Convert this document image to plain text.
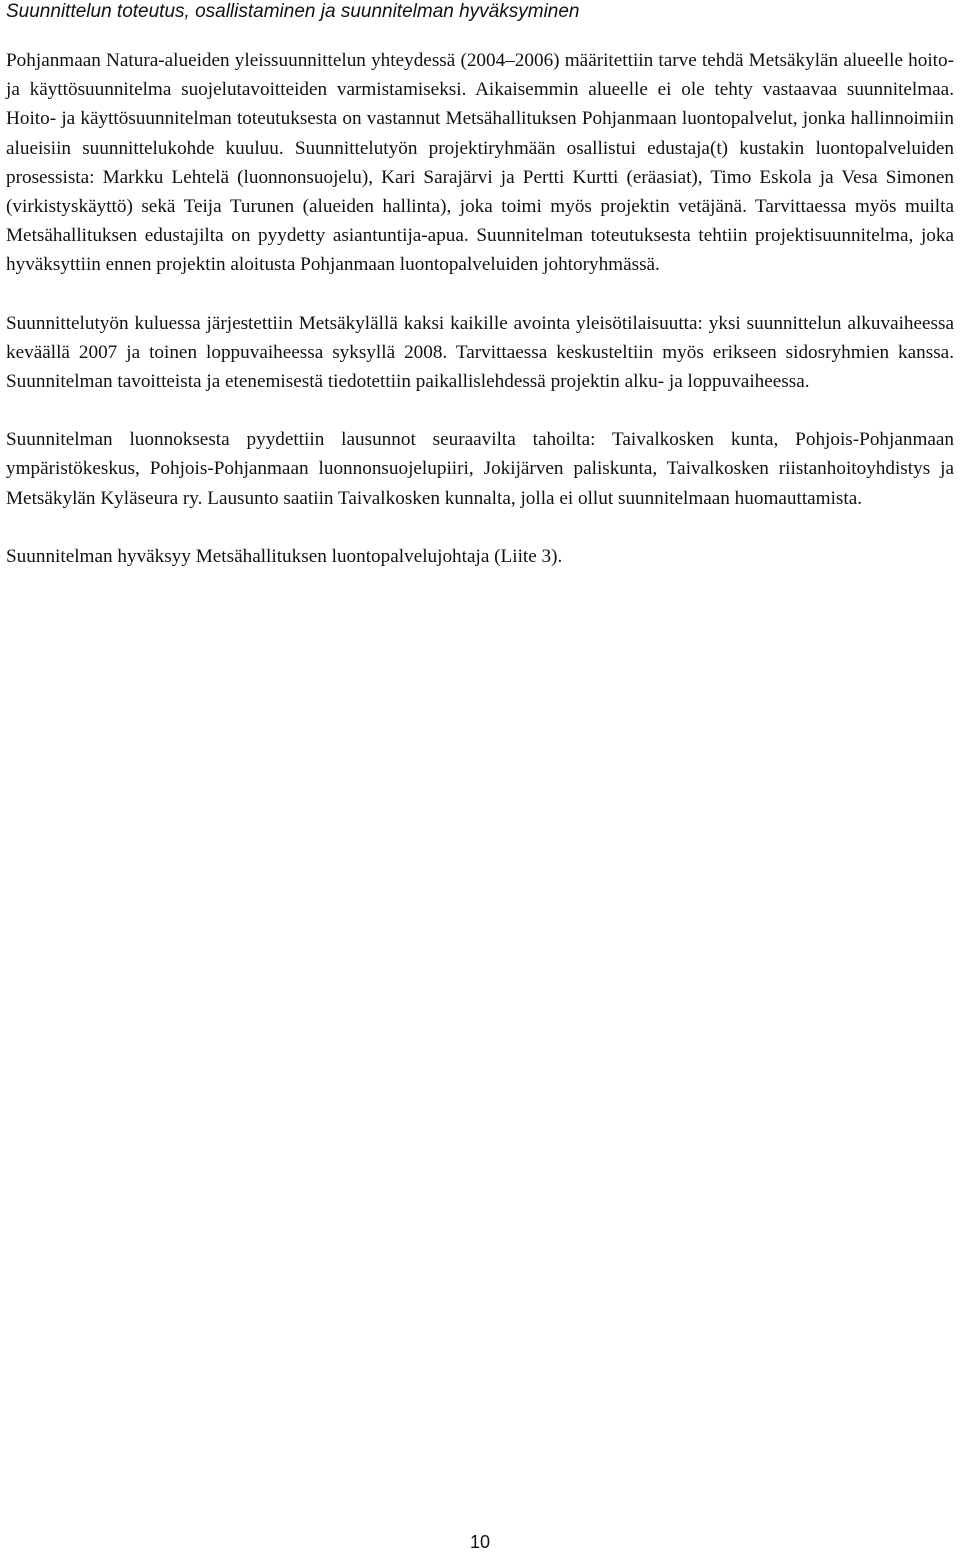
Suunnittelun toteutus, osallistaminen ja suunnitelman hyväksyminen

Pohjanmaan Natura-alueiden yleissuunnittelun yhteydessä (2004–2006) määritettiin tarve tehdä Metsäkylän alueelle hoito- ja käyttösuunnitelma suojelutavoitteiden varmistamiseksi. Aikaisemmin alueelle ei ole tehty vastaavaa suunnitelmaa. Hoito- ja käyttösuunnitelman toteutuksesta on vastannut Metsähallituksen Pohjanmaan luontopalvelut, jonka hallinnoimiin alueisiin suunnittelukohde kuuluu. Suunnittelutyön projektiryhmään osallistui edustaja(t) kustakin luontopalveluiden prosessista: Markku Lehtelä (luonnonsuojelu), Kari Sarajärvi ja Pertti Kurtti (eräasiat), Timo Eskola ja Vesa Simonen (virkistyskäyttö) sekä Teija Turunen (alueiden hallinta), joka toimi myös projektin vetäjänä. Tarvittaessa myös muilta Metsähallituksen edustajilta on pyydetty asiantuntija-apua. Suunnitelman toteutuksesta tehtiin projektisuunnitelma, joka hyväksyttiin ennen projektin aloitusta Pohjanmaan luontopalveluiden johtoryhmässä.

Suunnittelutyön kuluessa järjestettiin Metsäkylällä kaksi kaikille avointa yleisötilaisuutta: yksi suunnittelun alkuvaiheessa keväällä 2007 ja toinen loppuvaiheessa syksyllä 2008. Tarvittaessa keskusteltiin myös erikseen sidosryhmien kanssa. Suunnitelman tavoitteista ja etenemisestä tiedotettiin paikallislehdessä projektin alku- ja loppuvaiheessa.

Suunnitelman luonnoksesta pyydettiin lausunnot seuraavilta tahoilta: Taivalkosken kunta, Pohjois-Pohjanmaan ympäristökeskus, Pohjois-Pohjanmaan luonnonsuojelupiiri, Jokijärven paliskunta, Taivalkosken riistanhoitoyhdistys ja Metsäkylän Kyläseura ry. Lausunto saatiin Taivalkosken kunnalta, jolla ei ollut suunnitelmaan huomauttamista.

Suunnitelman hyväksyy Metsähallituksen luontopalvelujohtaja (Liite 3).

10
